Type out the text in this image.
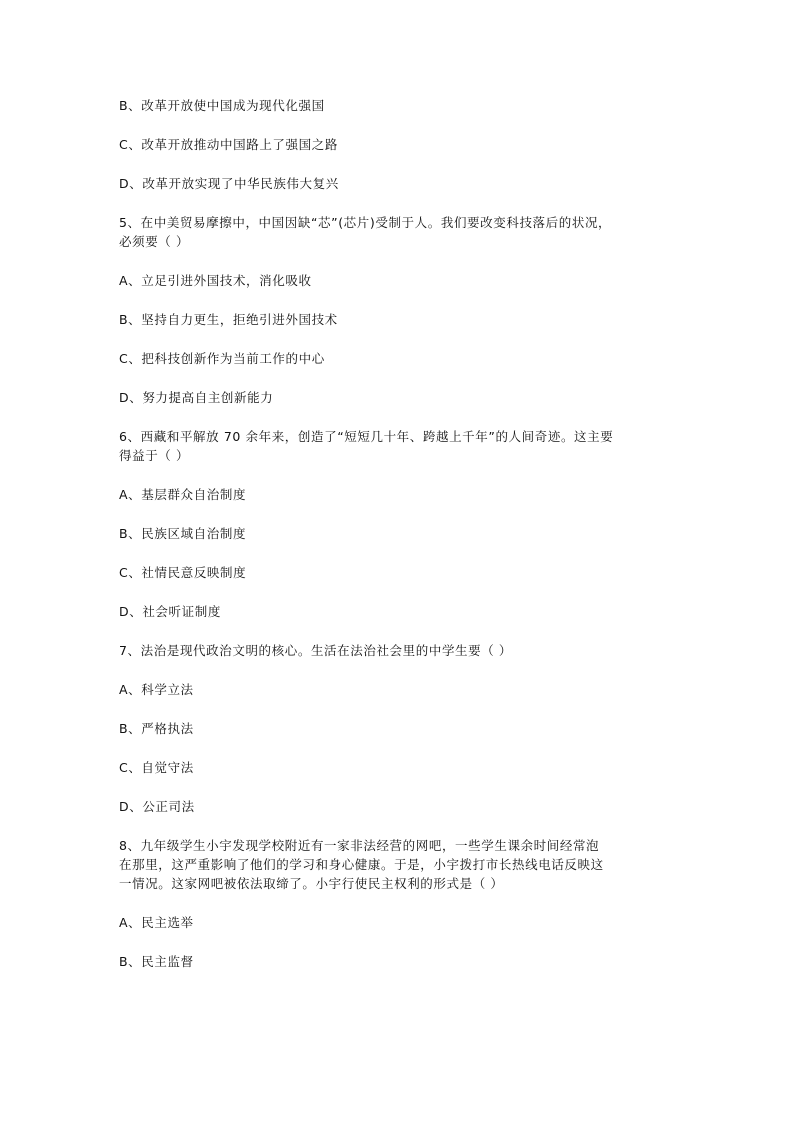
B、改革开放使中国成为现代化强国
C、改革开放推动中国路上了强国之路
D、改革开放实现了中华民族伟大复兴
5、在中美贸易摩擦中，中国因缺“芯”(芯片)受制于人。我们要改变科技落后的状况，
必须要（ ）
A、立足引进外国技术，消化吸收
B、坚持自力更生，拒绝引进外国技术
C、把科技创新作为当前工作的中心
D、努力提高自主创新能力
6、西藏和平解放 70 余年来，创造了“短短几十年、跨越上千年”的人间奇迹。这主要
得益于（ ）
A、基层群众自治制度
B、民族区域自治制度
C、社情民意反映制度
D、社会听证制度
7、法治是现代政治文明的核心。生活在法治社会里的中学生要（ ）
A、科学立法
B、严格执法
C、自觉守法
D、公正司法
8、九年级学生小宇发现学校附近有一家非法经营的网吧，一些学生课余时间经常泡
在那里，这严重影响了他们的学习和身心健康。于是，小宇拨打市长热线电话反映这
一情况。这家网吧被依法取缔了。小宇行使民主权利的形式是（ ）
A、民主选举
B、民主监督
